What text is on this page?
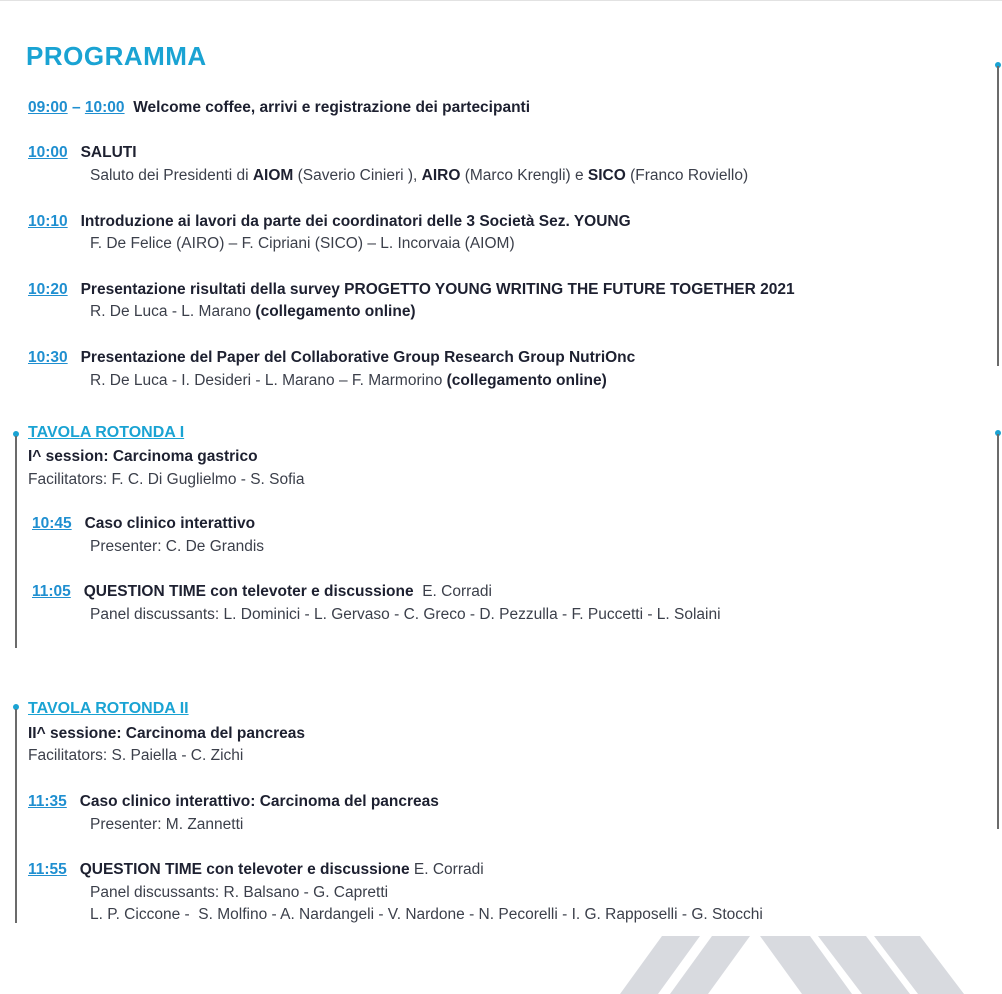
PROGRAMMA
09:00 – 10:00 Welcome coffee, arrivi e registrazione dei partecipanti
10:00 SALUTI
Saluto dei Presidenti di AIOM (Saverio Cinieri ), AIRO (Marco Krengli) e SICO (Franco Roviello)
10:10 Introduzione ai lavori da parte dei coordinatori delle 3 Società Sez. YOUNG
F. De Felice (AIRO) – F. Cipriani (SICO) – L. Incorvaia (AIOM)
10:20 Presentazione risultati della survey PROGETTO YOUNG WRITING THE FUTURE TOGETHER 2021
R. De Luca - L. Marano (collegamento online)
10:30 Presentazione del Paper del Collaborative Group Research Group NutriOnc
R. De Luca - I. Desideri - L. Marano – F. Marmorino (collegamento online)
TAVOLA ROTONDA I
I^ session: Carcinoma gastrico
Facilitators: F. C. Di Guglielmo - S. Sofia
10:45 Caso clinico interattivo
Presenter: C. De Grandis
11:05 QUESTION TIME con televoter e discussione  E. Corradi
Panel discussants: L. Dominici - L. Gervaso - C. Greco - D. Pezzulla - F. Puccetti - L. Solaini
TAVOLA ROTONDA II
II^ sessione: Carcinoma del pancreas
Facilitators: S. Paiella - C. Zichi
11:35 Caso clinico interattivo: Carcinoma del pancreas
Presenter: M. Zannetti
11:55 QUESTION TIME con televoter e discussione E. Corradi
Panel discussants: R. Balsano - G. Capretti
L. P. Ciccone -  S. Molfino - A. Nardangeli - V. Nardone - N. Pecorelli - I. G. Rapposelli - G. Stocchi
